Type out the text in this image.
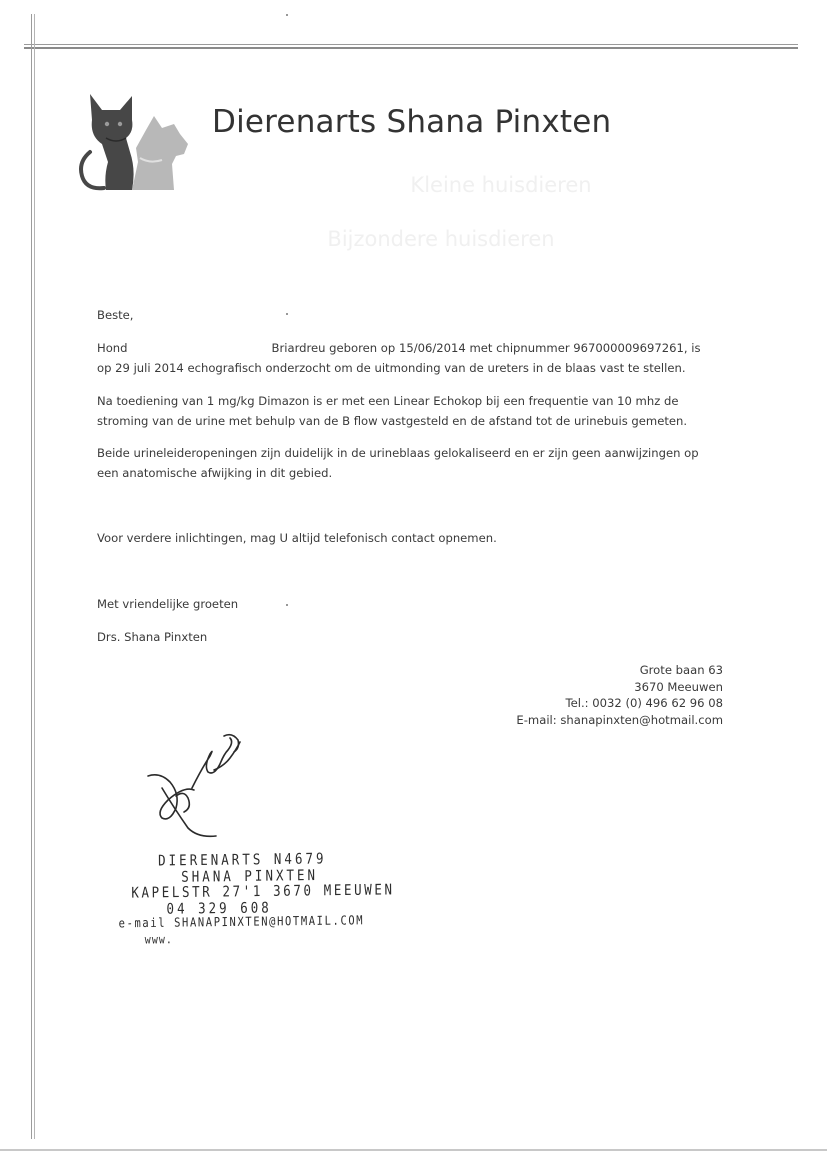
Dierenarts Shana Pinxten
Kleine huisdieren
Bijzondere huisdieren
Beste,
Hond	Briardreu geboren op 15/06/2014 met chipnummer 967000009697261, is op 29 juli 2014 echografisch onderzocht om de uitmonding van de ureters in de blaas vast te stellen.
Na toediening van 1 mg/kg Dimazon is er met een Linear Echokop bij een frequentie van 10 mhz de stroming van de urine met behulp van de B flow vastgesteld en de afstand tot de urinebuis gemeten.
Beide urineleideropeningen zijn duidelijk in de urineblaas gelokaliseerd en er zijn geen aanwijzingen op een anatomische afwijking in dit gebied.
Voor verdere inlichtingen, mag U altijd telefonisch contact opnemen.
Met vriendelijke groeten
Drs. Shana Pinxten
Grote baan 63
3670 Meeuwen
Tel.: 0032 (0) 496 62 96 08
E-mail: shanapinxten@hotmail.com
DIERENARTS N4679
SHANA PINXTEN
KAPELSTR 27'1 3670 MEEUWEN
04 329 608
e-mail SHANAPINXTEN@HOTMAIL.COM
www.
